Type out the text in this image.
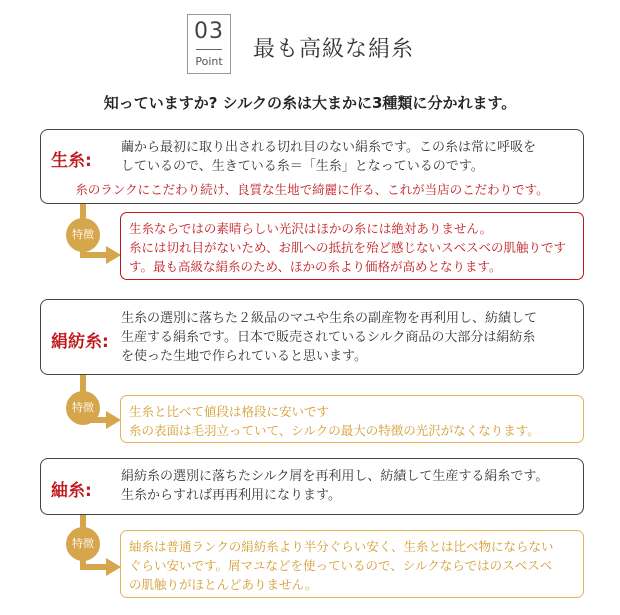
03
Point	最も高級な絹糸
知っていますか? シルクの糸は大まかに3種類に分かれます。
生糸:
繭から最初に取り出される切れ目のない絹糸です。この糸は常に呼吸を
しているので、生きている糸＝「生糸」となっているのです。
糸のランクにこだわり続け、良質な生地で綺麗に作る、これが当店のこだわりです。
特徴	生糸ならではの素晴らしい光沢はほかの糸には絶対ありません。
糸には切れ目がないため、お肌への抵抗を殆ど感じないスベスベの肌触りです
す。最も高級な絹糸のため、ほかの糸より価格が高めとなります。
絹紡糸:
生糸の選別に落ちた２級品のマユや生糸の副産物を再利用し、紡績して
生産する絹糸です。日本で販売されているシルク商品の大部分は絹紡糸
を使った生地で作られていると思います。
特徴	生糸と比べて値段は格段に安いです
糸の表面は毛羽立っていて、シルクの最大の特徴の光沢がなくなります。
紬糸:
絹紡糸の選別に落ちたシルク屑を再利用し、紡績して生産する絹糸です。
生糸からすれば再再利用になります。
特徴	紬糸は普通ランクの絹紡糸より半分ぐらい安く、生糸とは比べ物にならない
ぐらい安いです。屑マユなどを使っているので、シルクならではのスベスベ
の肌触りがほとんどありません。
